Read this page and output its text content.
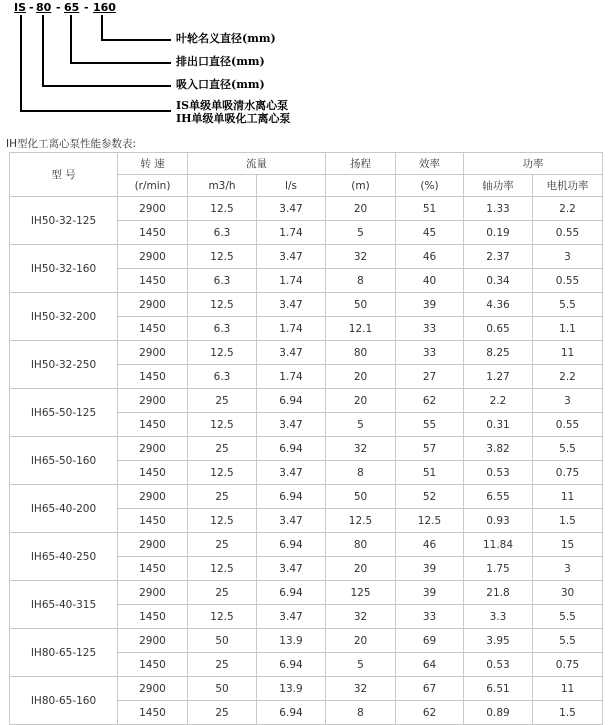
IS - 80 - 65 - 160
叶轮名义直径(mm)
排出口直径(mm)
吸入口直径(mm)
IS单级单吸清水离心泵
IH单级单吸化工离心泵
IH型化工离心泵性能参数表:
型 号	转 速	流量		扬程	效率	功率	
	(r/min)	m3/h	l/s	(m)	(%)	轴功率	电机功率
IH50-32-125	2900	12.5	3.47	20	51	1.33	2.2
	1450	6.3	1.74	5	45	0.19	0.55
IH50-32-160	2900	12.5	3.47	32	46	2.37	3
	1450	6.3	1.74	8	40	0.34	0.55
IH50-32-200	2900	12.5	3.47	50	39	4.36	5.5
	1450	6.3	1.74	12.1	33	0.65	1.1
IH50-32-250	2900	12.5	3.47	80	33	8.25	11
	1450	6.3	1.74	20	27	1.27	2.2
IH65-50-125	2900	25	6.94	20	62	2.2	3
	1450	12.5	3.47	5	55	0.31	0.55
IH65-50-160	2900	25	6.94	32	57	3.82	5.5
	1450	12.5	3.47	8	51	0.53	0.75
IH65-40-200	2900	25	6.94	50	52	6.55	11
	1450	12.5	3.47	12.5	12.5	0.93	1.5
IH65-40-250	2900	25	6.94	80	46	11.84	15
	1450	12.5	3.47	20	39	1.75	3
IH65-40-315	2900	25	6.94	125	39	21.8	30
	1450	12.5	3.47	32	33	3.3	5.5
IH80-65-125	2900	50	13.9	20	69	3.95	5.5
	1450	25	6.94	5	64	0.53	0.75
IH80-65-160	2900	50	13.9	32	67	6.51	11
	1450	25	6.94	8	62	0.89	1.5
